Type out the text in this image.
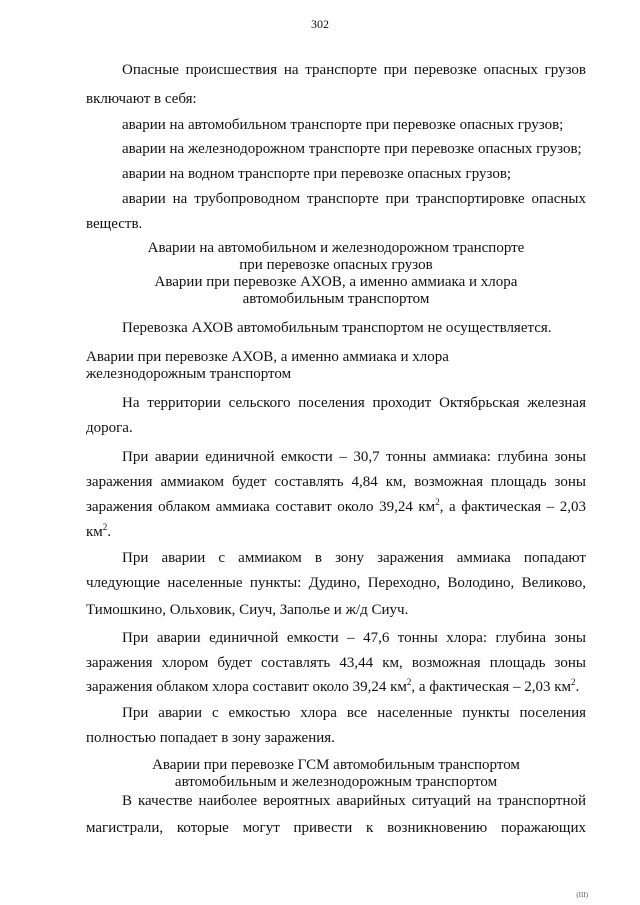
302
Опасные происшествия на транспорте при перевозке опасных грузов
включают в себя:
аварии на автомобильном транспорте при перевозке опасных грузов;
аварии на железнодорожном транспорте при перевозке опасных грузов;
аварии на водном транспорте при перевозке опасных грузов;
аварии на трубопроводном транспорте при транспортировке опасных
веществ.
Аварии на автомобильном и железнодорожном транспорте
при перевозке опасных грузов
Аварии при перевозке АХОВ, а именно аммиака и хлора
автомобильным транспортом
Перевозка АХОВ автомобильным транспортом не осуществляется.
Аварии при перевозке АХОВ, а именно аммиака и хлора
железнодорожным транспортом
На территории сельского поселения проходит Октябрьская железная
дорога.
При аварии единичной емкости – 30,7 тонны аммиака: глубина зоны
заражения аммиаком будет составлять 4,84 км, возможная площадь зоны
заражения облаком аммиака составит около 39,24 $км^2$, а фактическая – 2,03
$км^2$.
При аварии с аммиаком в зону заражения аммиака попадают
чледующие населенные пункты: Дудино, Переходно, Володино, Великово,
Тимошкино, Ольховик, Сиуч, Заполье и ж/д Сиуч.
При аварии единичной емкости – 47,6 тонны хлора: глубина зоны
заражения хлором будет составлять 43,44 км, возможная площадь зоны
заражения облаком хлора составит около 39,24 $км^2$, а фактическая – 2,03 $км^2$.
При аварии с емкостью хлора все населенные пункты поселения
полностью попадает в зону заражения.
Аварии при перевозке ГСМ автомобильным транспортом
автомобильным и железнодорожным транспортом
В качестве наиболее вероятных аварийных ситуаций на транспортной
магистрали, которые могут привести к возникновению поражающих
(III)
